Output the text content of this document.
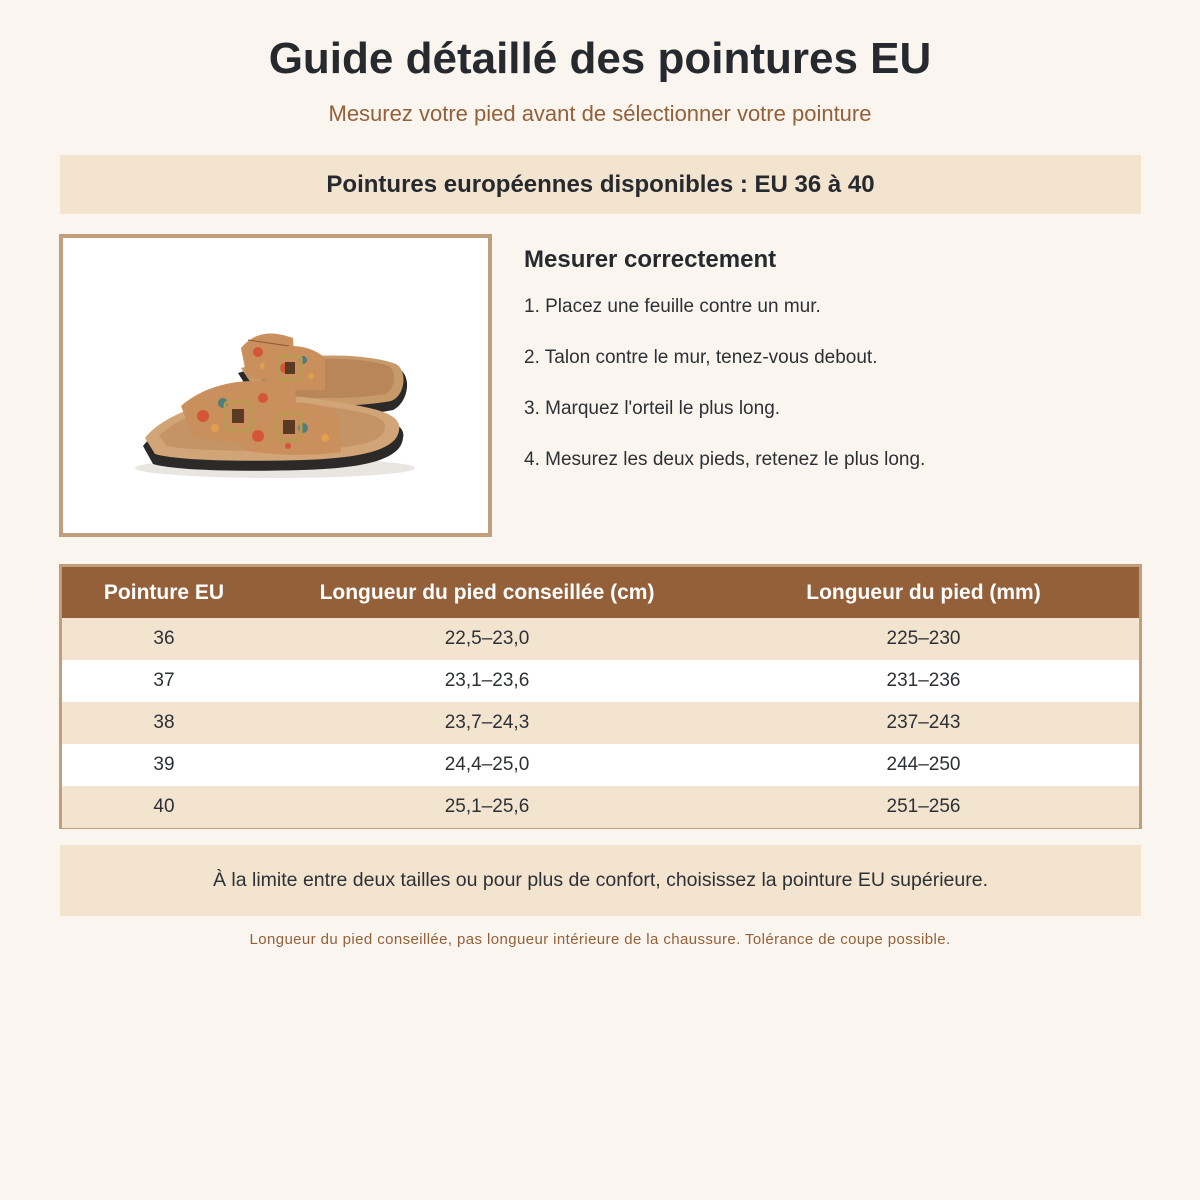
Guide détaillé des pointures EU
Mesurez votre pied avant de sélectionner votre pointure
Pointures européennes disponibles : EU 36 à 40
Mesurer correctement
1. Placez une feuille contre un mur.
2. Talon contre le mur, tenez-vous debout.
3. Marquez l'orteil le plus long.
4. Mesurez les deux pieds, retenez le plus long.
Pointure EU	Longueur du pied conseillée (cm)	Longueur du pied (mm)
36	22,5–23,0	225–230
37	23,1–23,6	231–236
38	23,7–24,3	237–243
39	24,4–25,0	244–250
40	25,1–25,6	251–256
À la limite entre deux tailles ou pour plus de confort, choisissez la pointure EU supérieure.
Longueur du pied conseillée, pas longueur intérieure de la chaussure. Tolérance de coupe possible.
